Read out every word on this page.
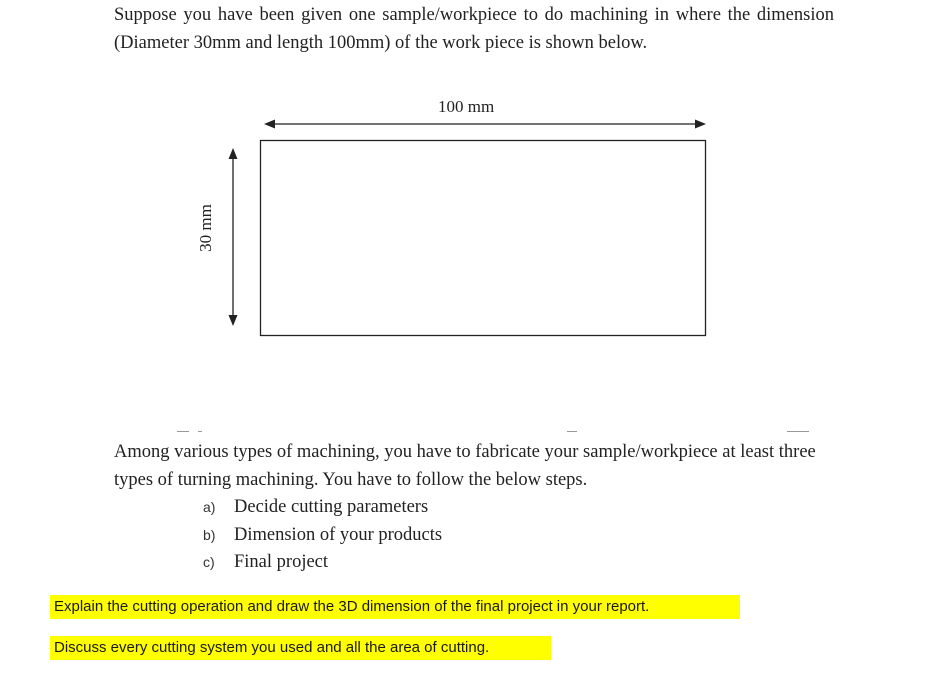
Suppose you have been given one sample/workpiece to do machining in where the dimension (Diameter 30mm and length 100mm) of the work piece is shown below.

100 mm
30 mm

Among various types of machining, you have to fabricate your sample/workpiece at least three types of turning machining. You have to follow the below steps.

a) Decide cutting parameters
b) Dimension of your products
c) Final project
Explain the cutting operation and draw the 3D dimension of the final project in your report.
Discuss every cutting system you used and all the area of cutting.
